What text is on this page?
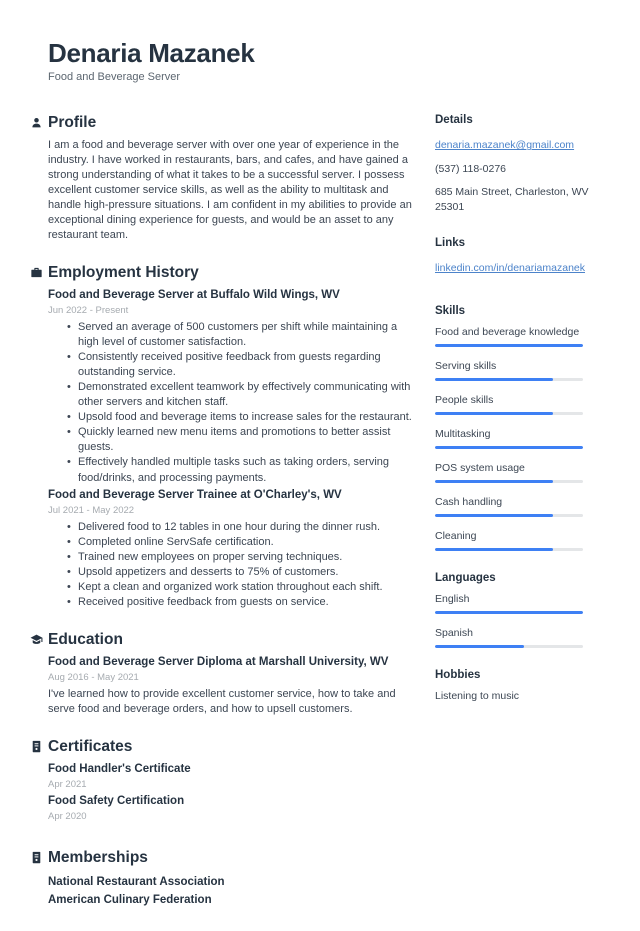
Denaria Mazanek
Food and Beverage Server
Profile
I am a food and beverage server with over one year of experience in the industry. I have worked in restaurants, bars, and cafes, and have gained a strong understanding of what it takes to be a successful server. I possess excellent customer service skills, as well as the ability to multitask and handle high-pressure situations. I am confident in my abilities to provide an exceptional dining experience for guests, and would be an asset to any restaurant team.
Employment History
Food and Beverage Server at Buffalo Wild Wings, WV
Jun 2022 - Present
• Served an average of 500 customers per shift while maintaining a high level of customer satisfaction.
• Consistently received positive feedback from guests regarding outstanding service.
• Demonstrated excellent teamwork by effectively communicating with other servers and kitchen staff.
• Upsold food and beverage items to increase sales for the restaurant.
• Quickly learned new menu items and promotions to better assist guests.
• Effectively handled multiple tasks such as taking orders, serving food/drinks, and processing payments.
Food and Beverage Server Trainee at O'Charley's, WV
Jul 2021 - May 2022
• Delivered food to 12 tables in one hour during the dinner rush.
• Completed online ServSafe certification.
• Trained new employees on proper serving techniques.
• Upsold appetizers and desserts to 75% of customers.
• Kept a clean and organized work station throughout each shift.
• Received positive feedback from guests on service.
Education
Food and Beverage Server Diploma at Marshall University, WV
Aug 2016 - May 2021
I've learned how to provide excellent customer service, how to take and serve food and beverage orders, and how to upsell customers.
Certificates
Food Handler's Certificate
Apr 2021
Food Safety Certification
Apr 2020
Memberships
National Restaurant Association
American Culinary Federation
Details
denaria.mazanek@gmail.com
(537) 118-0276
685 Main Street, Charleston, WV 25301
Links
linkedin.com/in/denariamazanek
Skills
Food and beverage knowledge
Serving skills
People skills
Multitasking
POS system usage
Cash handling
Cleaning
Languages
English
Spanish
Hobbies
Listening to music
